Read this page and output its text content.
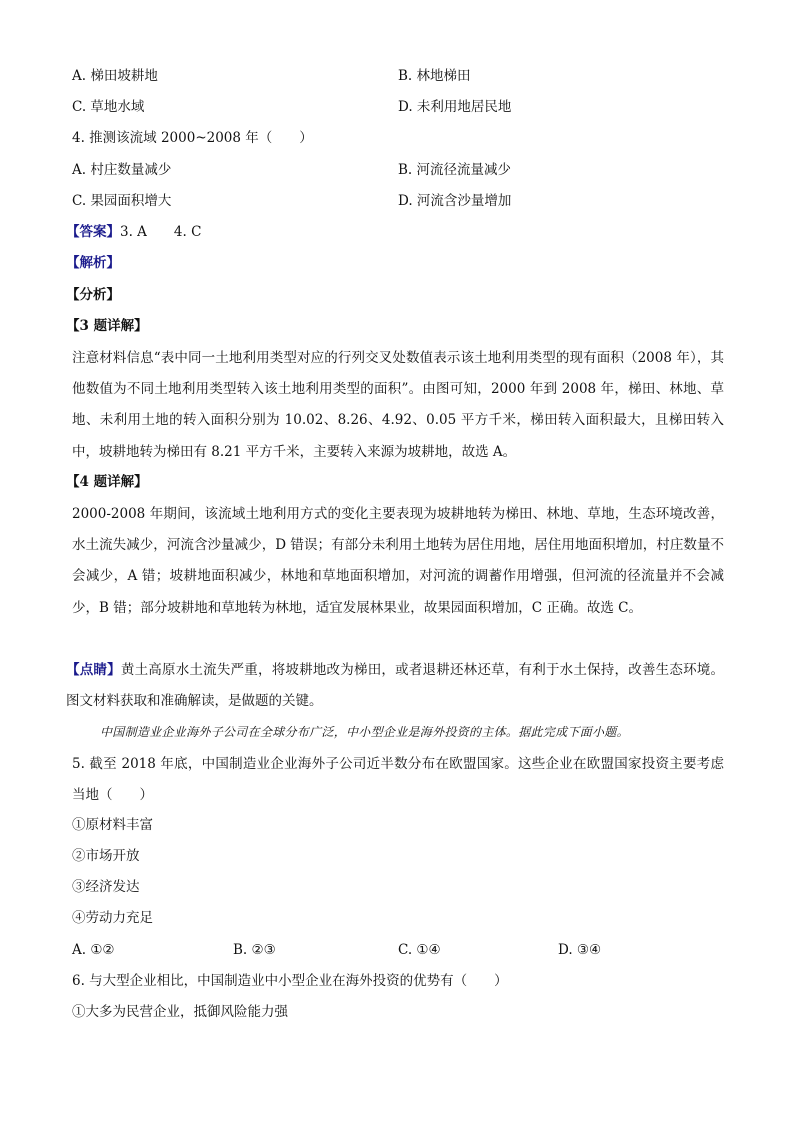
A. 梯田坡耕地	B. 林地梯田
C. 草地水域	D. 未利用地居民地
4. 推测该流域 2000~2008 年（　　）
A. 村庄数量减少	B. 河流径流量减少
C. 果园面积增大	D. 河流含沙量增加
【答案】3. A　　4. C
【解析】
【分析】
【3 题详解】
注意材料信息“表中同一土地利用类型对应的行列交叉处数值表示该土地利用类型的现有面积（2008 年），其他数值为不同土地利用类型转入该土地利用类型的面积”。由图可知，2000 年到 2008 年，梯田、林地、草地、未利用土地的转入面积分别为 10.02、8.26、4.92、0.05 平方千米，梯田转入面积最大，且梯田转入中，坡耕地转为梯田有 8.21 平方千米，主要转入来源为坡耕地，故选 A。
【4 题详解】
2000-2008 年期间，该流域土地利用方式的变化主要表现为坡耕地转为梯田、林地、草地，生态环境改善，水土流失减少，河流含沙量减少，D 错误；有部分未利用土地转为居住用地，居住用地面积增加，村庄数量不会减少，A 错；坡耕地面积减少，林地和草地面积增加，对河流的调蓄作用增强，但河流的径流量并不会减少，B 错；部分坡耕地和草地转为林地，适宜发展林果业，故果园面积增加，C 正确。故选 C。
【点睛】黄土高原水土流失严重，将坡耕地改为梯田，或者退耕还林还草，有利于水土保持，改善生态环境。图文材料获取和准确解读，是做题的关键。
中国制造业企业海外子公司在全球分布广泛，中小型企业是海外投资的主体。据此完成下面小题。
5. 截至 2018 年底，中国制造业企业海外子公司近半数分布在欧盟国家。这些企业在欧盟国家投资主要考虑当地（　　）
①原材料丰富
②市场开放
③经济发达
④劳动力充足
A. ①②	B. ②③	C. ①④	D. ③④
6. 与大型企业相比，中国制造业中小型企业在海外投资的优势有（　　）
①大多为民营企业，抵御风险能力强
